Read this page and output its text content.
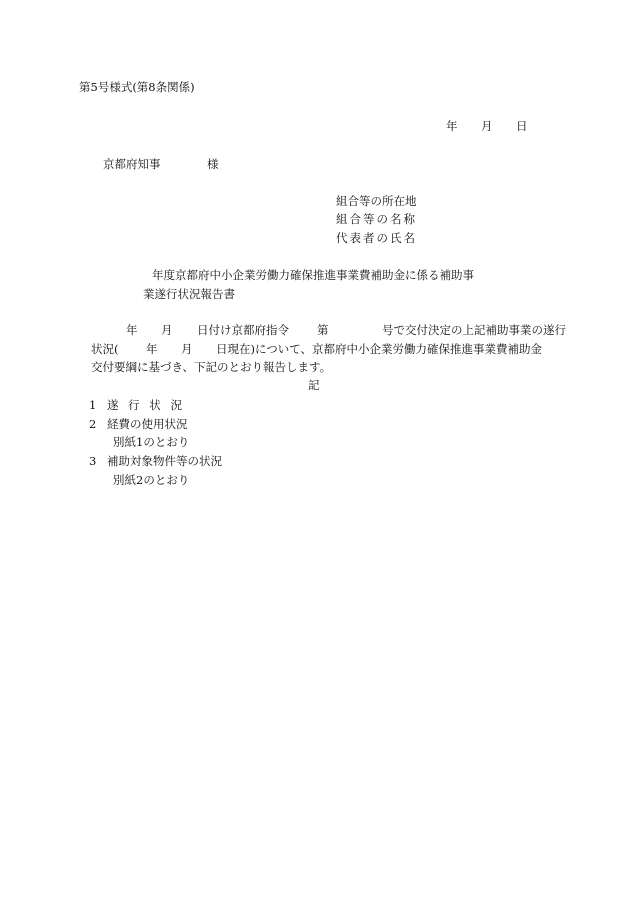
第5号様式(第8条関係)
年 月 日
京都府知事	様
組合等の所在地
組合等の名称
代表者の氏名
年度京都府中小企業労働力確保推進事業費補助金に係る補助事
業遂行状況報告書
年 月 日付け京都府指令 第	号で交付決定の上記補助事業の遂行
状況( 年 月 日現在)について、京都府中小企業労働力確保推進事業費補助金
交付要綱に基づき、下記のとおり報告します。
記
1 遂 行 状 況
2 経費の使用状況
別紙1のとおり
3 補助対象物件等の状況
別紙2のとおり
